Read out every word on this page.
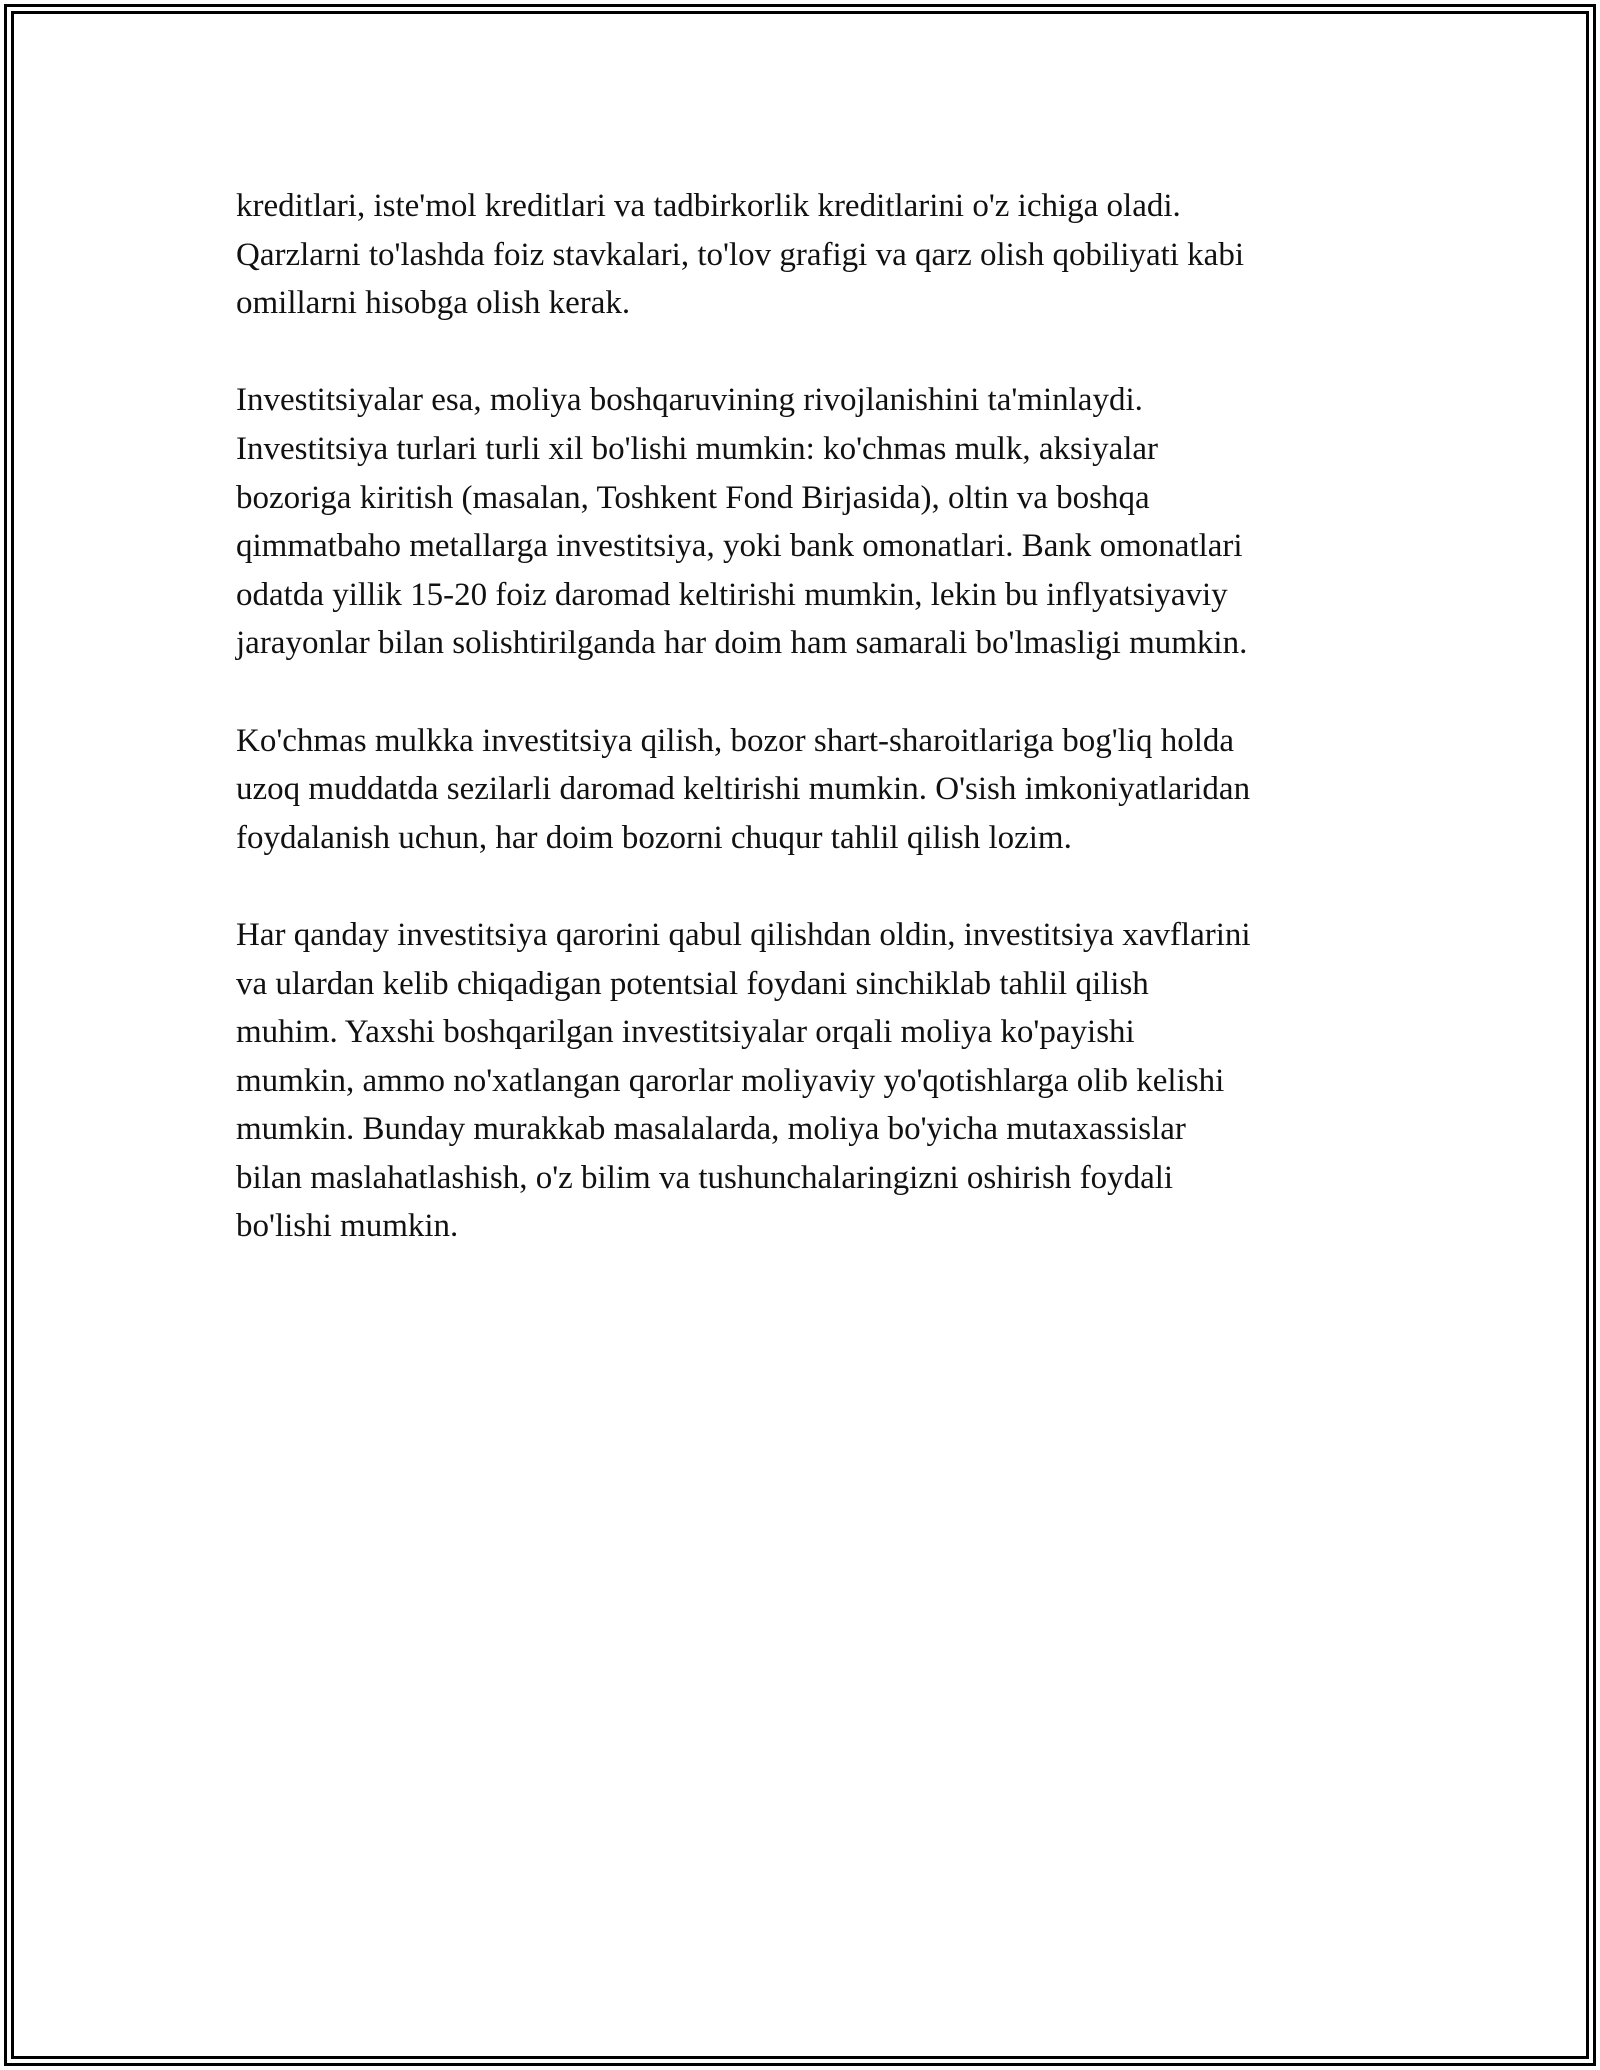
kreditlari, iste'mol kreditlari va tadbirkorlik kreditlarini o'z ichiga oladi.
Qarzlarni to'lashda foiz stavkalari, to'lov grafigi va qarz olish qobiliyati kabi
omillarni hisobga olish kerak.

Investitsiyalar esa, moliya boshqaruvining rivojlanishini ta'minlaydi.
Investitsiya turlari turli xil bo'lishi mumkin: ko'chmas mulk, aksiyalar
bozoriga kiritish (masalan, Toshkent Fond Birjasida), oltin va boshqa
qimmatbaho metallarga investitsiya, yoki bank omonatlari. Bank omonatlari
odatda yillik 15-20 foiz daromad keltirishi mumkin, lekin bu inflyatsiyaviy
jarayonlar bilan solishtirilganda har doim ham samarali bo'lmasligi mumkin.

Ko'chmas mulkka investitsiya qilish, bozor shart-sharoitlariga bog'liq holda
uzoq muddatda sezilarli daromad keltirishi mumkin. O'sish imkoniyatlaridan
foydalanish uchun, har doim bozorni chuqur tahlil qilish lozim.

Har qanday investitsiya qarorini qabul qilishdan oldin, investitsiya xavflarini
va ulardan kelib chiqadigan potentsial foydani sinchiklab tahlil qilish
muhim. Yaxshi boshqarilgan investitsiyalar orqali moliya ko'payishi
mumkin, ammo no'xatlangan qarorlar moliyaviy yo'qotishlarga olib kelishi
mumkin. Bunday murakkab masalalarda, moliya bo'yicha mutaxassislar
bilan maslahatlashish, o'z bilim va tushunchalaringizni oshirish foydali
bo'lishi mumkin.
